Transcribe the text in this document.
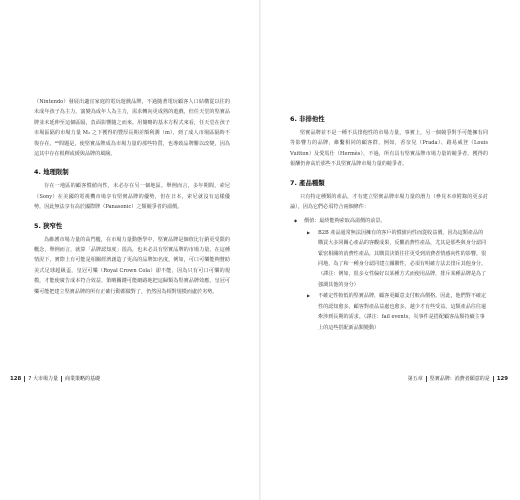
（Nintendo）發展出適宜家庭的電玩遊戲品牌，不過隨著電玩顧客人口結構從以往的未成年孩子為主力，演變為成年人為主力，需求轉向更成熟的遊戲，但任天堂的堅實品牌並未延伸至這個區隔，負面影響隨之而來。用簡略的基本方程式來看，任天堂在孩子市場區隔的市場力量 M₂ 之下獲得的豐厚長期差額利潤（m），到了成人市場區隔時不復存在。⁴³問題是，使堅實品牌成為市場力量的那些特質，也導致品牌難以改變，因為這其中存在根釋或緩與品牌的風險。

4. 地理限制

存在一地區的顧客慣値向性，未必存在另一個地區。舉例而言，多年期間，索尼（Sony）在美國的電視機市場享有堅實品牌的優勢，但在日本，索尼就沒有這樣優勢，因此無法享有高於國際牌（Panasonic）之類競爭者的溢價。

5. 狹窄性

為維護市場力量的高門檻，在市場力量動態學中，堅實品牌是個值比行銷更受限的概念，舉例而言，就算「品牌認知度」很高，也未必具有堅實品牌的市場力量，在這種情況下，實際上有可能是相關經濟創造了更高的品牌知名度，例如，可口可樂能夠贊助美式足球超級盃，皇冠可樂（Royal Crown Cola）卻不能，因為只有可口可樂的規模，才能使廣告成本符合效益，策略關鍵可能網路地把這歸類為堅實品牌效應，皇冠可樂可能把建立堅實品牌的所有正確行動都做對了，仍然因為相對規模而處於劣勢。

128 7 大市場力量 商業策略的基礎
6. 非排他性

堅實品牌並不是一種不具排他性的市場力量，事實上，另一個競爭對手可能擁有同等影響力的品牌，維繫相同的顧客群，例如，香奈兒（Prada）、路易威登（Louis Vuitton）及愛馬仕（Hermès），不過，所有具有堅實品牌市場力量的競爭者，獲得的報酬仍會高於那些不具堅實品牌市場力量的競爭者。

7. 產品種類

只有特定種類的產品，才有建立堅實品牌市場力量的潛力（參見本章附錄的更多討論），因為它們必須符合兩個條件：

◆ 價值：最終能夠索取高溢價的前景。
▶ B2B 產品通常無法因擁有的客戶的慣値向性而從收益價，因為這類產品的購買大多同關心產品的客觀成果，反觀消費性產品，尤其是那些與身分認同緊密相關的消費性產品，其購買決策往往更受到消費者情感向性的影響。很同地，為了和一種身分認同建立關聯性，必須有明確方法去排斥其他身分。（譯注：例如，很多女性偏好以某種方式而使用品牌，排斥某種品牌是為了強調其他的身分）
▶ 不確定性較低的堅實品牌，顧客更顧意支付較高價格。因此，他們對不確定性的認知愈多，顧客對產品益處也愈多，越少才有些受益。這類產品往往還牽涉到長期的需求。（譯注：fail events，災事件是搭配顧客品類持續主事上的這些搭配新品類變動）
第五章 堅實品牌：消費者願意的是 129
